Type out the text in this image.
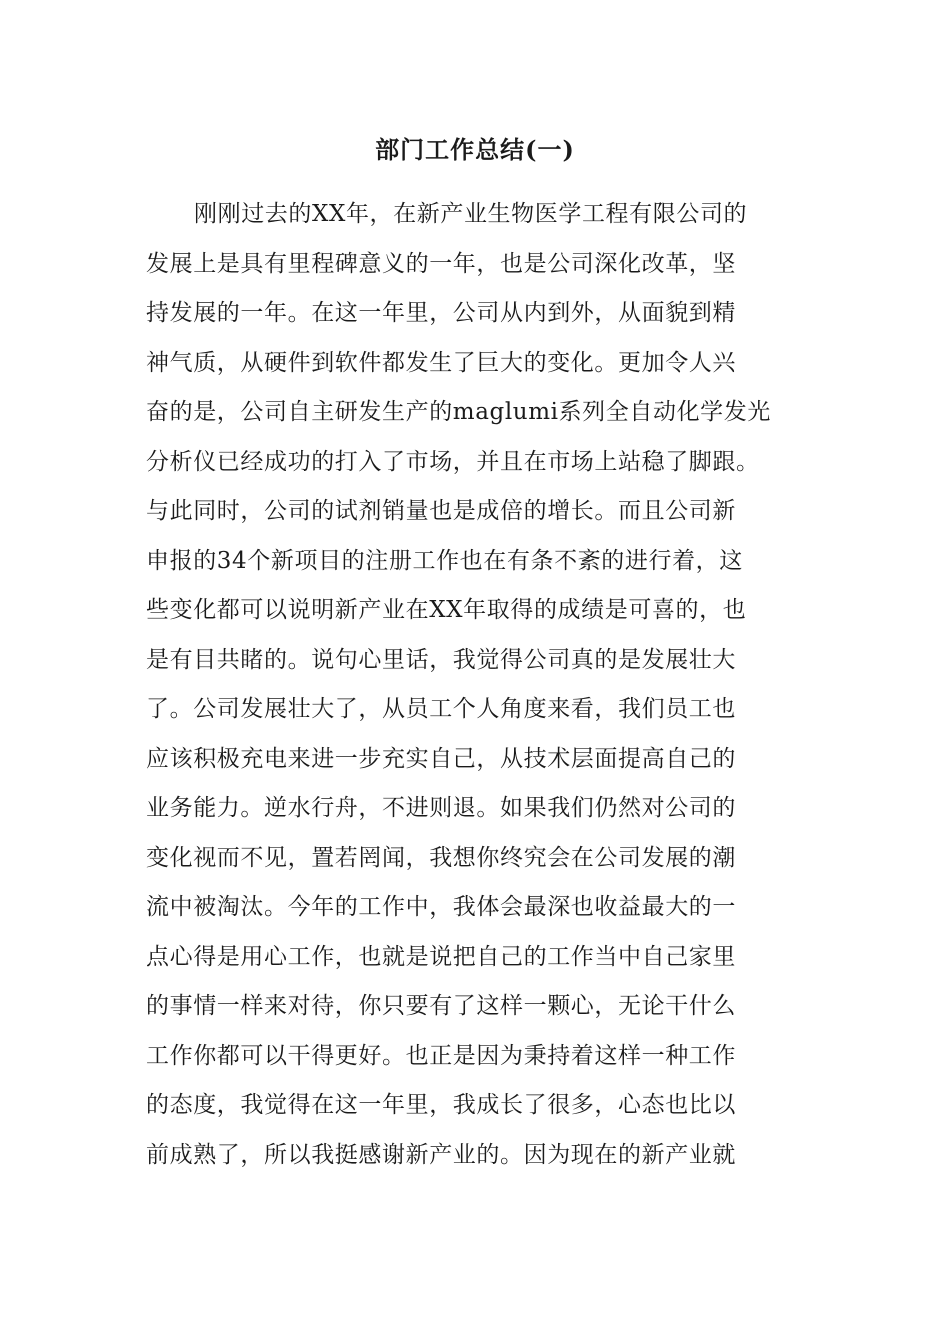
部门工作总结(一)
刚刚过去的XX年，在新产业生物医学工程有限公司的
发展上是具有里程碑意义的一年，也是公司深化改革，坚
持发展的一年。在这一年里，公司从内到外，从面貌到精
神气质，从硬件到软件都发生了巨大的变化。更加令人兴
奋的是，公司自主研发生产的maglumi系列全自动化学发光
分析仪已经成功的打入了市场，并且在市场上站稳了脚跟。
与此同时，公司的试剂销量也是成倍的增长。而且公司新
申报的34个新项目的注册工作也在有条不紊的进行着，这
些变化都可以说明新产业在XX年取得的成绩是可喜的，也
是有目共睹的。说句心里话，我觉得公司真的是发展壮大
了。公司发展壮大了，从员工个人角度来看，我们员工也
应该积极充电来进一步充实自己，从技术层面提高自己的
业务能力。逆水行舟，不进则退。如果我们仍然对公司的
变化视而不见，置若罔闻，我想你终究会在公司发展的潮
流中被淘汰。今年的工作中，我体会最深也收益最大的一
点心得是用心工作，也就是说把自己的工作当中自己家里
的事情一样来对待，你只要有了这样一颗心，无论干什么
工作你都可以干得更好。也正是因为秉持着这样一种工作
的态度，我觉得在这一年里，我成长了很多，心态也比以
前成熟了，所以我挺感谢新产业的。因为现在的新产业就
